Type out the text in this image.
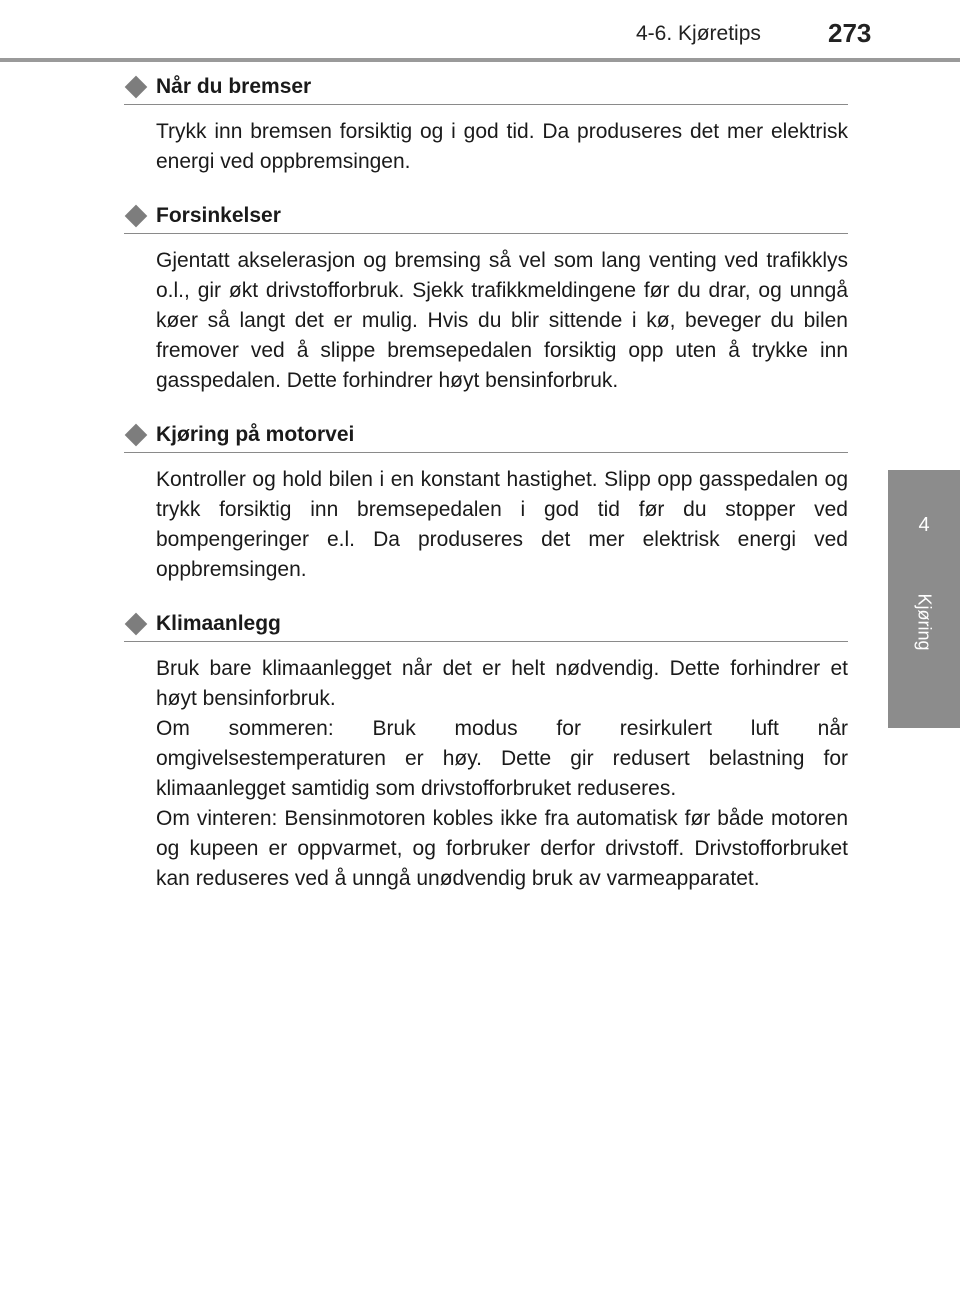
4-6. Kjøretips	273
4
Kjøring
Når du bremser

Trykk inn bremsen forsiktig og i god tid. Da produseres det mer elektrisk energi ved oppbremsingen.

Forsinkelser

Gjentatt akselerasjon og bremsing så vel som lang venting ved trafikklys o.l., gir økt drivstofforbruk. Sjekk trafikkmeldingene før du drar, og unngå køer så langt det er mulig. Hvis du blir sittende i kø, beveger du bilen fremover ved å slippe bremsepedalen forsiktig opp uten å trykke inn gasspedalen. Dette forhindrer høyt bensinforbruk.

Kjøring på motorvei

Kontroller og hold bilen i en konstant hastighet. Slipp opp gasspedalen og trykk forsiktig inn bremsepedalen i god tid før du stopper ved bompengeringer e.l. Da produseres det mer elektrisk energi ved oppbremsingen.

Klimaanlegg

Bruk bare klimaanlegget når det er helt nødvendig. Dette forhindrer et høyt bensinforbruk.

Om sommeren: Bruk modus for resirkulert luft når omgivelsestemperaturen er høy. Dette gir redusert belastning for klimaanlegget samtidig som drivstofforbruket reduseres.

Om vinteren: Bensinmotoren kobles ikke fra automatisk før både motoren og kupeen er oppvarmet, og forbruker derfor drivstoff. Drivstofforbruket kan reduseres ved å unngå unødvendig bruk av varmeapparatet.
